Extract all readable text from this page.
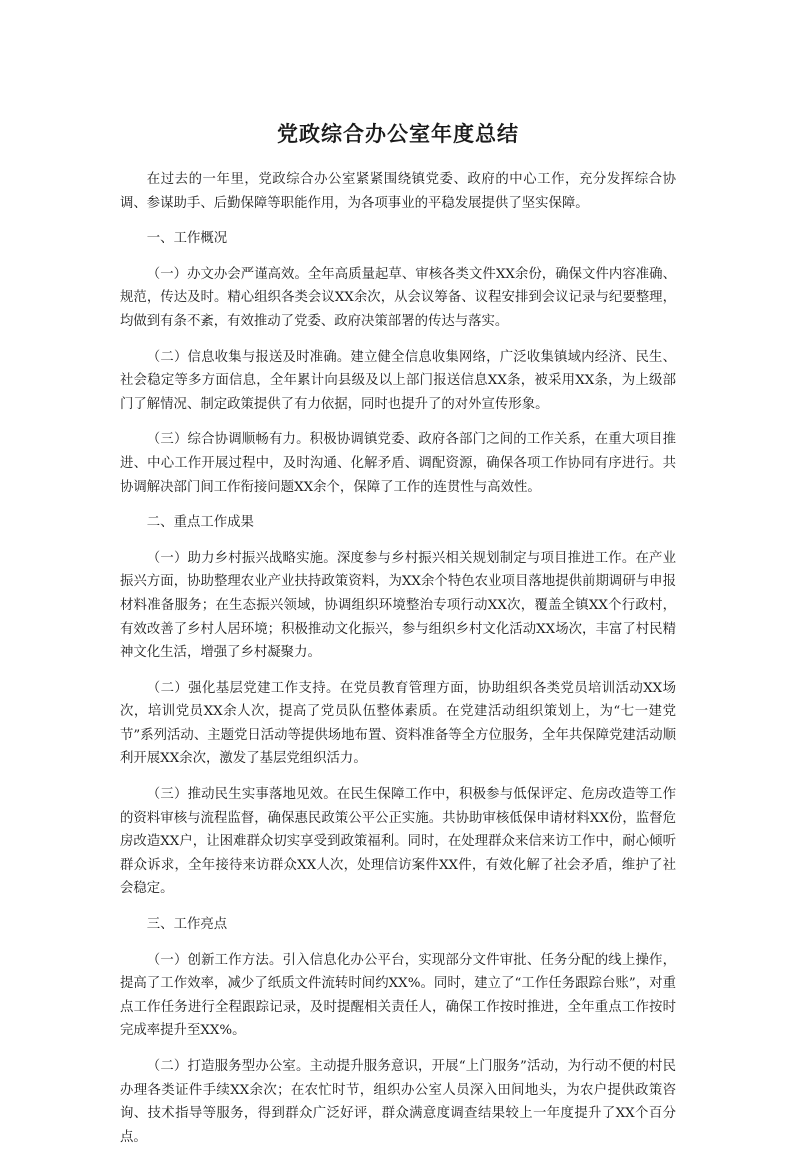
党政综合办公室年度总结

在过去的一年里，党政综合办公室紧紧围绕镇党委、政府的中心工作，充分发挥综合协调、参谋助手、后勤保障等职能作用，为各项事业的平稳发展提供了坚实保障。

一、工作概况

（一）办文办会严谨高效。全年高质量起草、审核各类文件XX余份，确保文件内容准确、规范，传达及时。精心组织各类会议XX余次，从会议筹备、议程安排到会议记录与纪要整理，均做到有条不紊，有效推动了党委、政府决策部署的传达与落实。

（二）信息收集与报送及时准确。建立健全信息收集网络，广泛收集镇域内经济、民生、社会稳定等多方面信息，全年累计向县级及以上部门报送信息XX条，被采用XX条，为上级部门了解情况、制定政策提供了有力依据，同时也提升了的对外宣传形象。

（三）综合协调顺畅有力。积极协调镇党委、政府各部门之间的工作关系，在重大项目推进、中心工作开展过程中，及时沟通、化解矛盾、调配资源，确保各项工作协同有序进行。共协调解决部门间工作衔接问题XX余个，保障了工作的连贯性与高效性。

二、重点工作成果

（一）助力乡村振兴战略实施。深度参与乡村振兴相关规划制定与项目推进工作。在产业振兴方面，协助整理农业产业扶持政策资料，为XX余个特色农业项目落地提供前期调研与申报材料准备服务；在生态振兴领域，协调组织环境整治专项行动XX次，覆盖全镇XX个行政村，有效改善了乡村人居环境；积极推动文化振兴，参与组织乡村文化活动XX场次，丰富了村民精神文化生活，增强了乡村凝聚力。

（二）强化基层党建工作支持。在党员教育管理方面，协助组织各类党员培训活动XX场次，培训党员XX余人次，提高了党员队伍整体素质。在党建活动组织策划上，为“七一建党节”系列活动、主题党日活动等提供场地布置、资料准备等全方位服务，全年共保障党建活动顺利开展XX余次，激发了基层党组织活力。

（三）推动民生实事落地见效。在民生保障工作中，积极参与低保评定、危房改造等工作的资料审核与流程监督，确保惠民政策公平公正实施。共协助审核低保申请材料XX份，监督危房改造XX户，让困难群众切实享受到政策福利。同时，在处理群众来信来访工作中，耐心倾听群众诉求，全年接待来访群众XX人次，处理信访案件XX件，有效化解了社会矛盾，维护了社会稳定。

三、工作亮点

（一）创新工作方法。引入信息化办公平台，实现部分文件审批、任务分配的线上操作，提高了工作效率，减少了纸质文件流转时间约XX%。同时，建立了“工作任务跟踪台账”，对重点工作任务进行全程跟踪记录，及时提醒相关责任人，确保工作按时推进，全年重点工作按时完成率提升至XX%。

（二）打造服务型办公室。主动提升服务意识，开展“上门服务”活动，为行动不便的村民办理各类证件手续XX余次；在农忙时节，组织办公室人员深入田间地头，为农户提供政策咨询、技术指导等服务，得到群众广泛好评，群众满意度调查结果较上一年度提升了XX个百分点。
